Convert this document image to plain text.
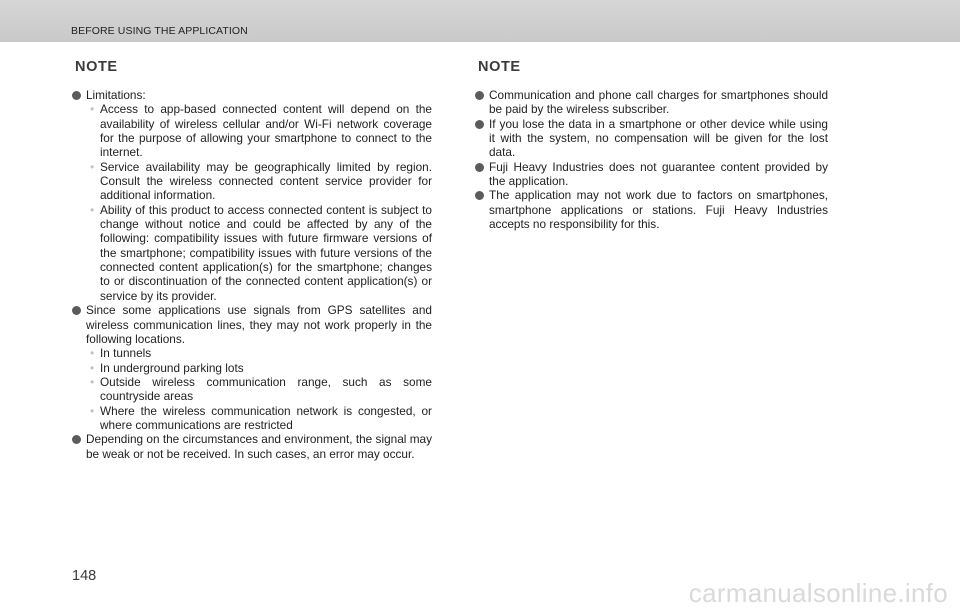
BEFORE USING THE APPLICATION
NOTE
Limitations:
• Access to app-based connected content will depend on the availability of wireless cellular and/or Wi-Fi network coverage for the purpose of allowing your smartphone to connect to the internet.
• Service availability may be geographically limited by region. Consult the wireless connected content service provider for additional information.
• Ability of this product to access connected content is subject to change without notice and could be affected by any of the following: compatibility issues with future firmware versions of the smartphone; compatibility issues with future versions of the connected content application(s) for the smartphone; changes to or discontinuation of the connected content application(s) or service by its provider.
Since some applications use signals from GPS satellites and wireless communication lines, they may not work properly in the following locations.
• In tunnels
• In underground parking lots
• Outside wireless communication range, such as some countryside areas
• Where the wireless communication network is congested, or where communications are restricted
Depending on the circumstances and environment, the signal may be weak or not be received. In such cases, an error may occur.
NOTE
Communication and phone call charges for smartphones should be paid by the wireless subscriber.
If you lose the data in a smartphone or other device while using it with the system, no compensation will be given for the lost data.
Fuji Heavy Industries does not guarantee content provided by the application.
The application may not work due to factors on smartphones, smartphone applications or stations. Fuji Heavy Industries accepts no responsibility for this.
148
carmanualsonline.info
